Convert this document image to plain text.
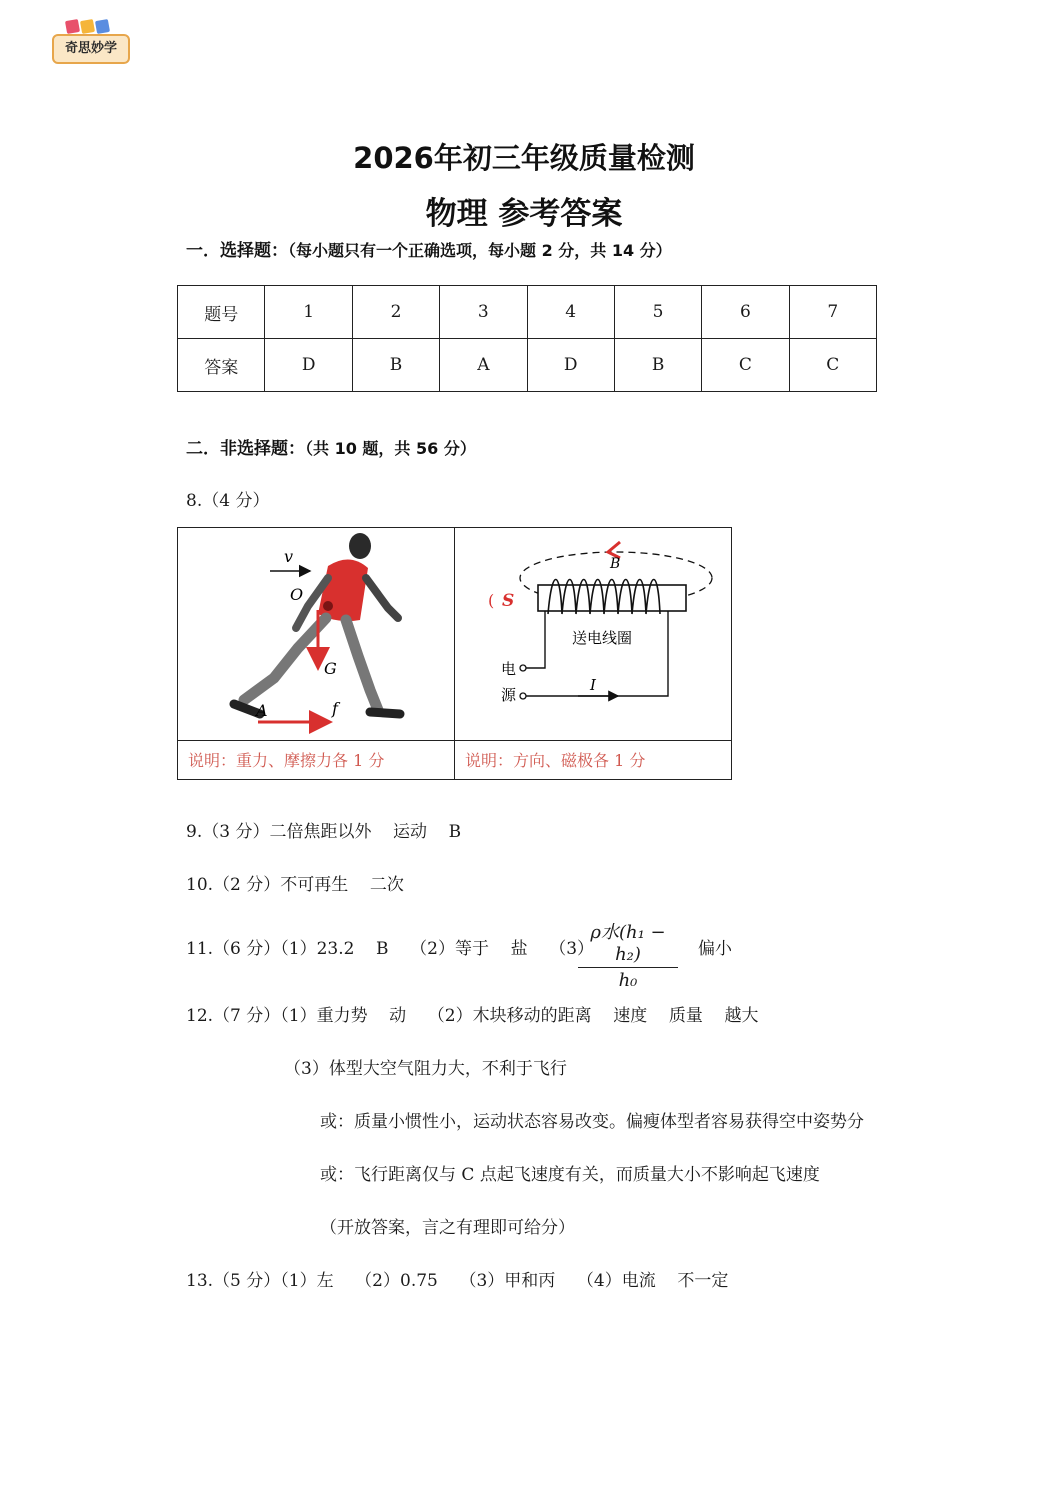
奇思妙学
2026年初三年级质量检测
物理 参考答案
一．选择题：（每小题只有一个正确选项，每小题 2 分，共 14 分）
题号	1	2	3	4	5	6	7
答案	D	B	A	D	B	C	C
二．非选择题：（共 10 题，共 56 分）
8.（4 分）
v
O
G
A	f
B
( S
I
送电线圈
电
源
说明：重力、摩擦力各 1 分	说明：方向、磁极各 1 分
9.（3 分）二倍焦距以外    运动    B
10.（2 分）不可再生    二次
11.（6 分）（1）23.2    B    （2）等于    盐    （3）
ρ水(h₁ − h₂)
h₀
偏小
12.（7 分）（1）重力势    动    （2）木块移动的距离    速度    质量    越大
（3）体型大空气阻力大，不利于飞行
或：质量小惯性小，运动状态容易改变。偏瘦体型者容易获得空中姿势分
或：飞行距离仅与 C 点起飞速度有关，而质量大小不影响起飞速度
（开放答案，言之有理即可给分）
13.（5 分）（1）左    （2）0.75    （3）甲和丙    （4）电流    不一定
